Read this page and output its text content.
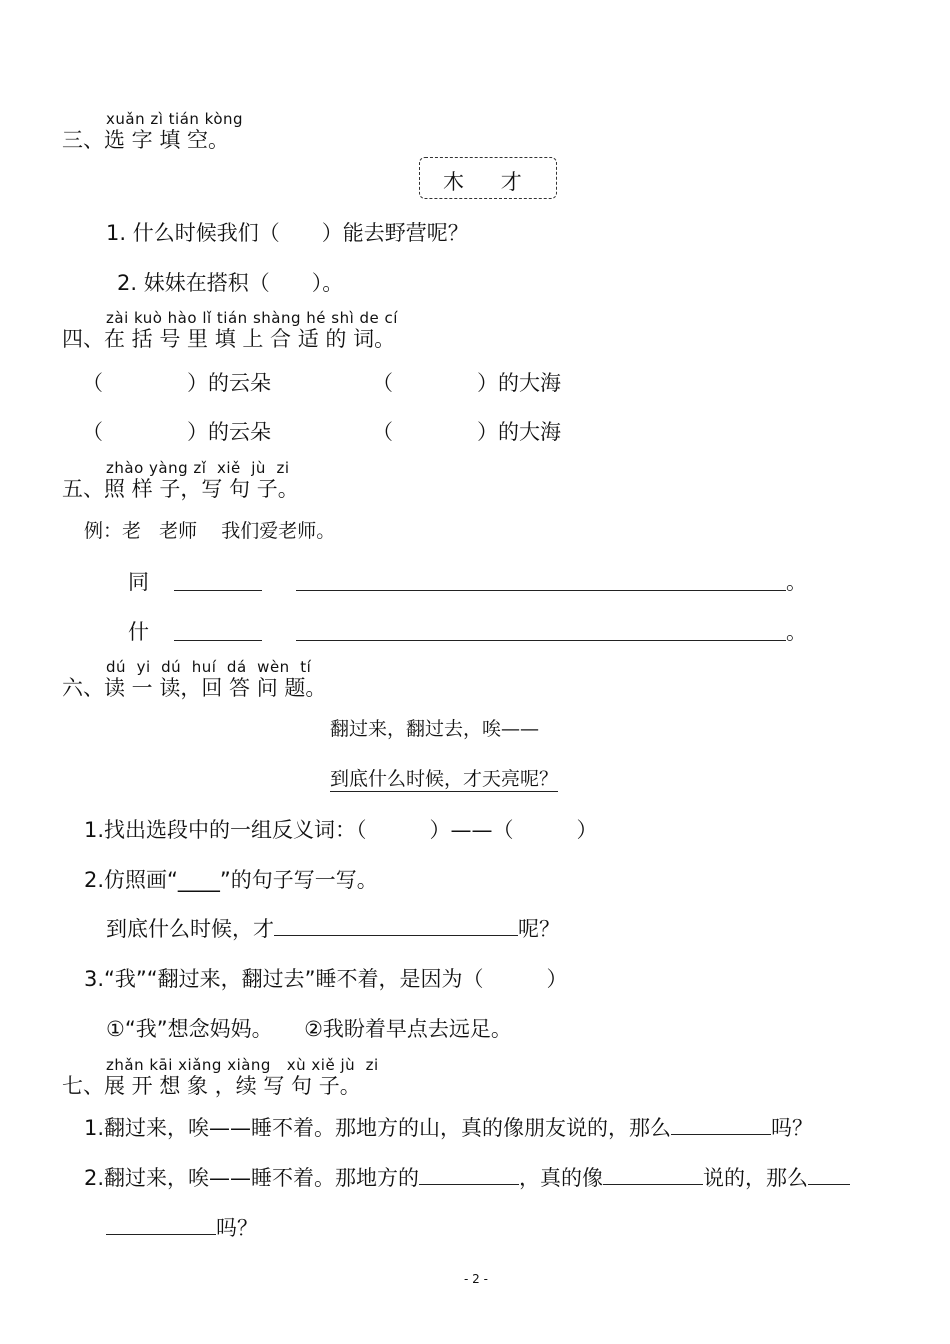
xuǎn zì tián kòng
三、选 字 填 空。
木    才
1. 什么时候我们（　　）能去野营呢？
2. 妹妹在搭积（　　）。
zài kuò hào lǐ tián shàng hé shì de cí
四、在 括 号 里 填 上 合 适 的 词。
（　　　　）的云朵	（　　　　）的大海
（　　　　）的云朵	（　　　　）的大海
zhào yàng zǐ  xiě  jù  zi
五、照 样 子，写 句 子。
例：老   老师    我们爱老师。
同	。
什	。
dú  yi  dú  huí  dá  wèn  tí
六、读 一 读，回 答 问 题。
翻过来，翻过去，唉——
到底什么时候，才天亮呢？
1.找出选段中的一组反义词：（　　　）——（　　　）
2.仿照画“____”的句子写一写。
到底什么时候，才	呢？
3.“我”“翻过来，翻过去”睡不着，是因为（　　　）
①“我”想念妈妈。　　②我盼着早点去远足。
zhǎn kāi xiǎng xiàng   xù xiě jù  zi
七、展 开 想 象 ，续 写 句 子。
1.翻过来，唉——睡不着。那地方的山，真的像朋友说的，那么	吗？
2.翻过来，唉——睡不着。那地方的	，真的像	说的，那么
吗？
- 2 -
